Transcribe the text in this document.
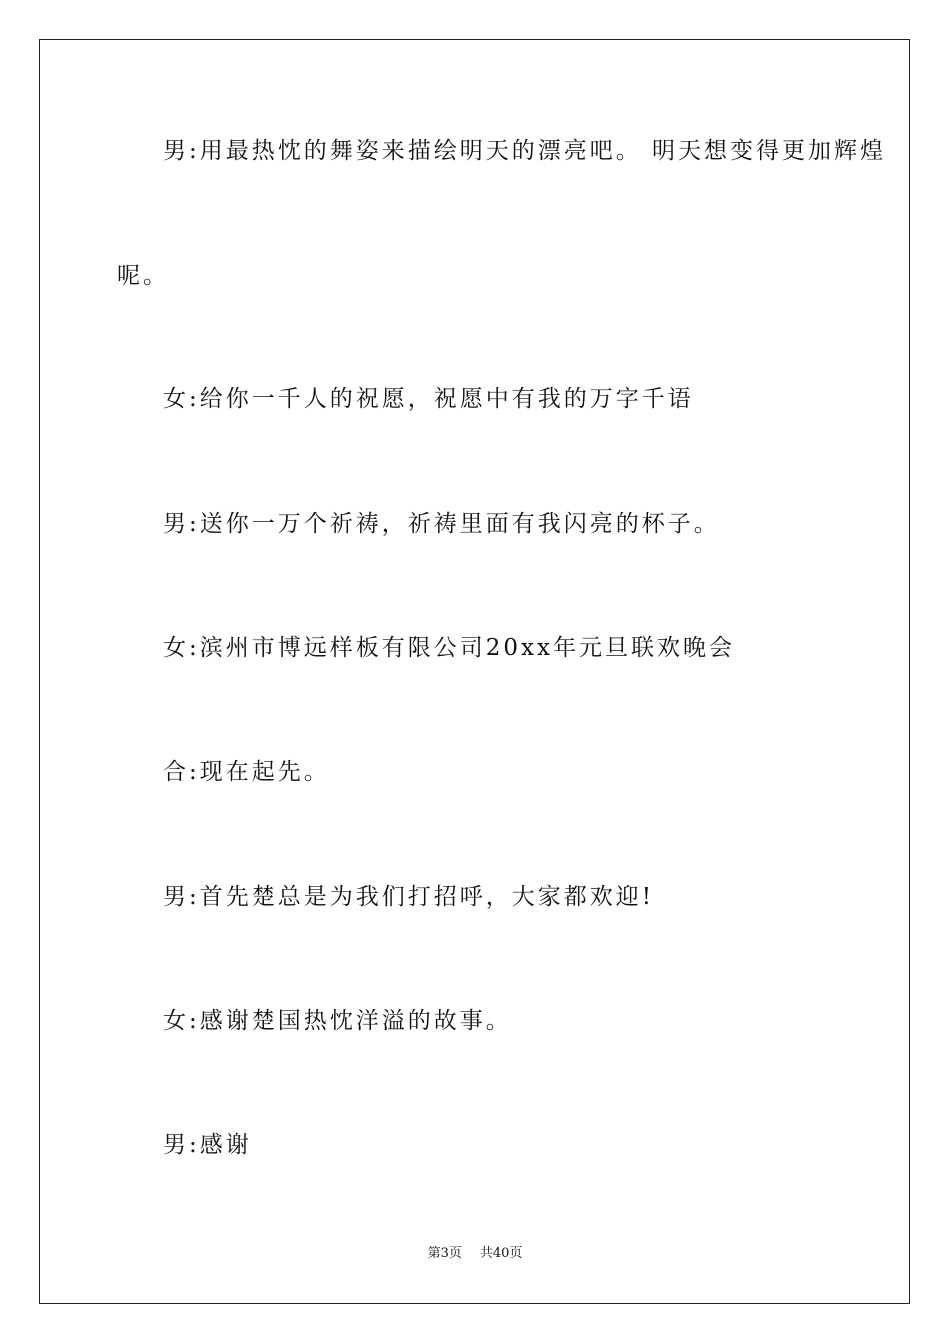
男:用最热忱的舞姿来描绘明天的漂亮吧。 明天想变得更加辉煌
呢。
女:给你一千人的祝愿，祝愿中有我的万字千语
男:送你一万个祈祷，祈祷里面有我闪亮的杯子。
女:滨州市博远样板有限公司20xx年元旦联欢晚会
合:现在起先。
男:首先楚总是为我们打招呼，大家都欢迎!
女:感谢楚国热忱洋溢的故事。
男:感谢
第3页 共40页
